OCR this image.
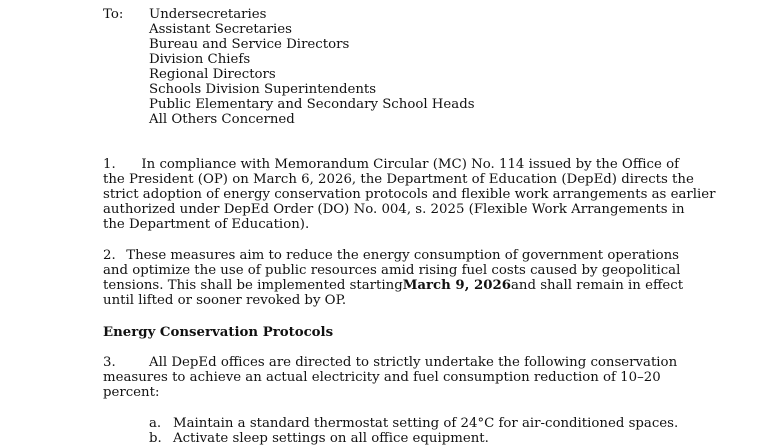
To: Undersecretaries
Assistant Secretaries
Bureau and Service Directors
Division Chiefs
Regional Directors
Schools Division Superintendents
Public Elementary and Secondary School Heads
All Others Concerned
1.	In compliance with Memorandum Circular (MC) No. 114 issued by the Office of
the President (OP) on March 6, 2026, the Department of Education (DepEd) directs the
strict adoption of energy conservation protocols and flexible work arrangements as earlier
authorized under DepEd Order (DO) No. 004, s. 2025 (Flexible Work Arrangements in
the Department of Education).
2. These measures aim to reduce the energy consumption of government operations
and optimize the use of public resources amid rising fuel costs caused by geopolitical
tensions. This shall be implemented starting March 9, 2026 and shall remain in effect
until lifted or sooner revoked by OP.
Energy Conservation Protocols
3.	All DepEd offices are directed to strictly undertake the following conservation
measures to achieve an actual electricity and fuel consumption reduction of 10–20
percent:
a. Maintain a standard thermostat setting of 24°C for air-conditioned spaces.
b. Activate sleep settings on all office equipment.
